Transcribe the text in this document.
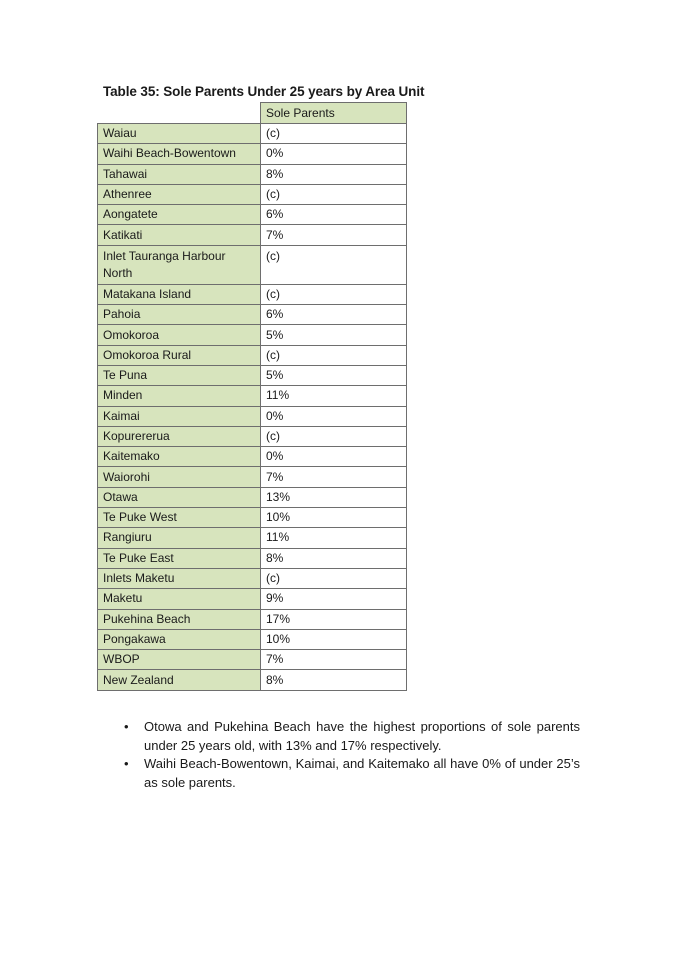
Table 35: Sole Parents Under 25 years by Area Unit
	Sole Parents
Waiau	(c)
Waihi Beach-Bowentown	0%
Tahawai	8%
Athenree	(c)
Aongatete	6%
Katikati	7%
Inlet Tauranga Harbour North	(c)
Matakana Island	(c)
Pahoia	6%
Omokoroa	5%
Omokoroa Rural	(c)
Te Puna	5%
Minden	11%
Kaimai	0%
Kopurererua	(c)
Kaitemako	0%
Waiorohi	7%
Otawa	13%
Te Puke West	10%
Rangiuru	11%
Te Puke East	8%
Inlets Maketu	(c)
Maketu	9%
Pukehina Beach	17%
Pongakawa	10%
WBOP	7%
New Zealand	8%
• Otowa and Pukehina Beach have the highest proportions of sole parents under 25 years old, with 13% and 17% respectively.
• Waihi Beach-Bowentown, Kaimai, and Kaitemako all have 0% of under 25’s as sole parents.
